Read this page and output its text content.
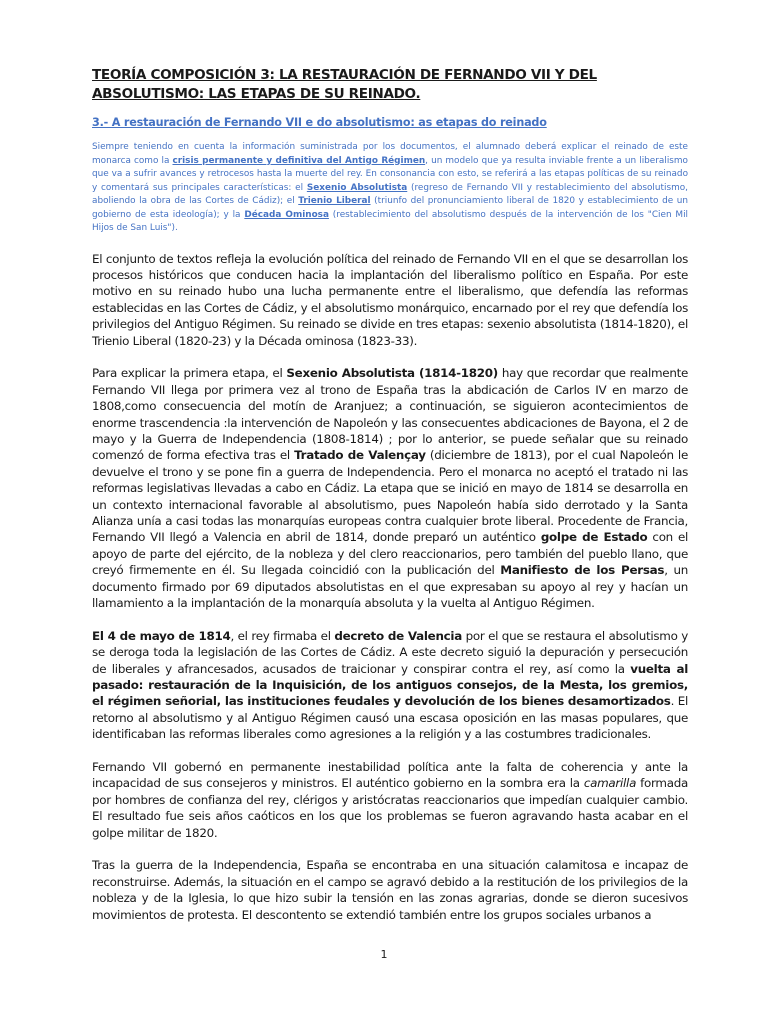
TEORÍA COMPOSICIÓN 3: LA RESTAURACIÓN DE FERNANDO VII Y DEL ABSOLUTISMO: LAS ETAPAS DE SU REINADO.
3.- A restauración de Fernando VII e do absolutismo: as etapas do reinado
Siempre teniendo en cuenta la información suministrada por los documentos, el alumnado deberá explicar el reinado de este monarca como la crisis permanente y definitiva del Antigo Régimen, un modelo que ya resulta inviable frente a un liberalismo que va a sufrir avances y retrocesos hasta la muerte del rey. En consonancia con esto, se referirá a las etapas políticas de su reinado y comentará sus principales características: el Sexenio Absolutista (regreso de Fernando VII y restablecimiento del absolutismo, aboliendo la obra de las Cortes de Cádiz); el Trienio Liberal (triunfo del pronunciamiento liberal de 1820 y establecimiento de un gobierno de esta ideología); y la Década Ominosa (restablecimiento del absolutismo después de la intervención de los "Cien Mil Hijos de San Luis").
El conjunto de textos refleja la evolución política del reinado de Fernando VII en el que se desarrollan los procesos históricos que conducen hacia la implantación del liberalismo político en España. Por este motivo en su reinado hubo una lucha permanente entre el liberalismo, que defendía las reformas establecidas en las Cortes de Cádiz, y el absolutismo monárquico, encarnado por el rey que defendía los privilegios del Antiguo Régimen. Su reinado se divide en tres etapas: sexenio absolutista (1814-1820), el Trienio Liberal (1820-23) y la Década ominosa (1823-33).
Para explicar la primera etapa, el Sexenio Absolutista (1814-1820) hay que recordar que realmente Fernando VII llega por primera vez al trono de España tras la abdicación de Carlos IV en marzo de 1808,como consecuencia del motín de Aranjuez; a continuación, se siguieron acontecimientos de enorme trascendencia :la intervención de Napoleón y las consecuentes abdicaciones de Bayona, el 2 de mayo y la Guerra de Independencia (1808-1814) ; por lo anterior, se puede señalar que su reinado comenzó de forma efectiva tras el Tratado de Valençay (diciembre de 1813), por el cual Napoleón le devuelve el trono y se pone fin a guerra de Independencia. Pero el monarca no aceptó el tratado ni las reformas legislativas llevadas a cabo en Cádiz. La etapa que se inició en mayo de 1814 se desarrolla en un contexto internacional favorable al absolutismo, pues Napoleón había sido derrotado y la Santa Alianza unía a casi todas las monarquías europeas contra cualquier brote liberal. Procedente de Francia, Fernando VII llegó a Valencia en abril de 1814, donde preparó un auténtico golpe de Estado con el apoyo de parte del ejército, de la nobleza y del clero reaccionarios, pero también del pueblo llano, que creyó firmemente en él. Su llegada coincidió con la publicación del Manifiesto de los Persas, un documento firmado por 69 diputados absolutistas en el que expresaban su apoyo al rey y hacían un llamamiento a la implantación de la monarquía absoluta y la vuelta al Antiguo Régimen.
El 4 de mayo de 1814, el rey firmaba el decreto de Valencia por el que se restaura el absolutismo y se deroga toda la legislación de las Cortes de Cádiz. A este decreto siguió la depuración y persecución de liberales y afrancesados, acusados de traicionar y conspirar contra el rey, así como la vuelta al pasado: restauración de la Inquisición, de los antiguos consejos, de la Mesta, los gremios, el régimen señorial, las instituciones feudales y devolución de los bienes desamortizados. El retorno al absolutismo y al Antiguo Régimen causó una escasa oposición en las masas populares, que identificaban las reformas liberales como agresiones a la religión y a las costumbres tradicionales.
Fernando VII gobernó en permanente inestabilidad política ante la falta de coherencia y ante la incapacidad de sus consejeros y ministros. El auténtico gobierno en la sombra era la camarilla formada por hombres de confianza del rey, clérigos y aristócratas reaccionarios que impedían cualquier cambio. El resultado fue seis años caóticos en los que los problemas se fueron agravando hasta acabar en el golpe militar de 1820.
Tras la guerra de la Independencia, España se encontraba en una situación calamitosa e incapaz de reconstruirse. Además, la situación en el campo se agravó debido a la restitución de los privilegios de la nobleza y de la Iglesia, lo que hizo subir la tensión en las zonas agrarias, donde se dieron sucesivos movimientos de protesta. El descontento se extendió también entre los grupos sociales urbanos a
1
